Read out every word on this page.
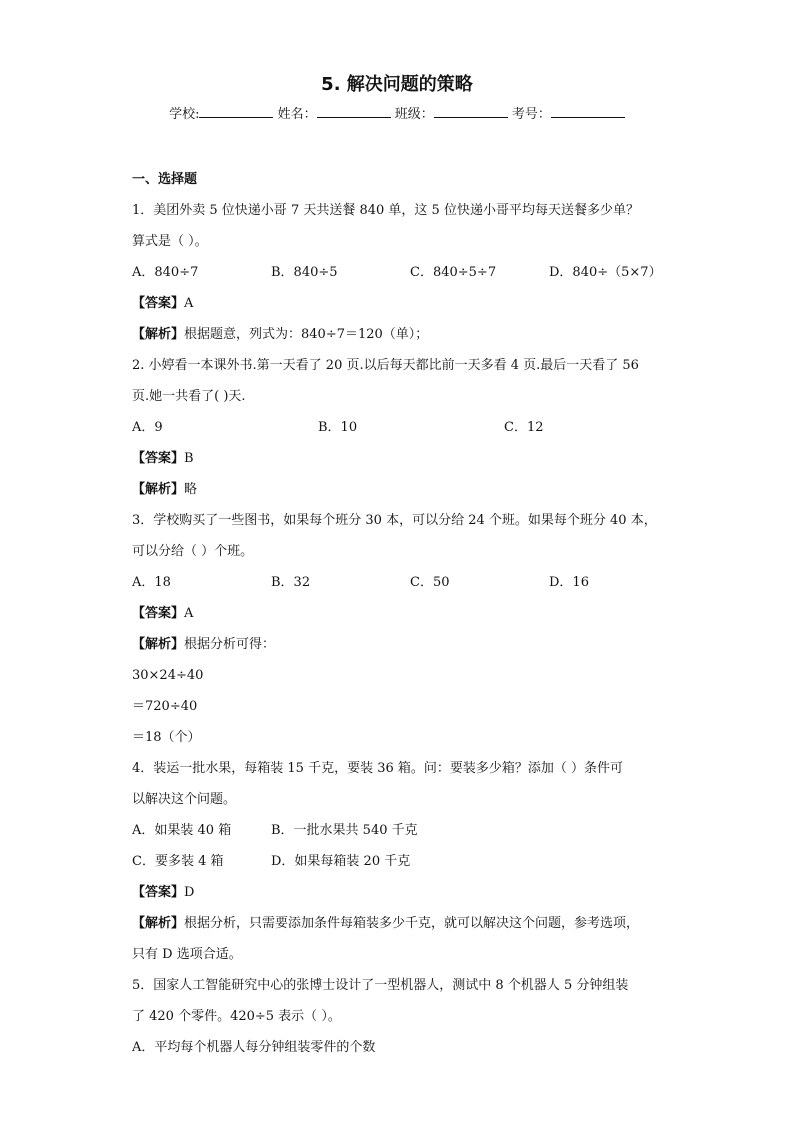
5. 解决问题的策略
学校:	姓名：	班级：	考号：
一、选择题
1．美团外卖 5 位快递小哥 7 天共送餐 840 单，这 5 位快递小哥平均每天送餐多少单？
算式是（ ）。
A．840÷7	B．840÷5	C．840÷5÷7	D．840÷（5×7）
【答案】A
【解析】根据题意，列式为：840÷7＝120（单）；
2. 小婷看一本课外书.第一天看了 20 页.以后每天都比前一天多看 4 页.最后一天看了 56
页.她一共看了( )天.
A．9	B．10	C．12
【答案】B
【解析】略
3．学校购买了一些图书，如果每个班分 30 本，可以分给 24 个班。如果每个班分 40 本，
可以分给（ ）个班。
A．18	B．32	C．50	D．16
【答案】A
【解析】根据分析可得：
30×24÷40
＝720÷40
＝18（个）
4．装运一批水果，每箱装 15 千克，要装 36 箱。问：要装多少箱？添加（ ）条件可
以解决这个问题。
A．如果装 40 箱	B．一批水果共 540 千克
C．要多装 4 箱	D．如果每箱装 20 千克
【答案】D
【解析】根据分析，只需要添加条件每箱装多少千克，就可以解决这个问题，参考选项，
只有 D 选项合适。
5．国家人工智能研究中心的张博士设计了一型机器人，测试中 8 个机器人 5 分钟组装
了 420 个零件。420÷5 表示（ ）。
A．平均每个机器人每分钟组装零件的个数
